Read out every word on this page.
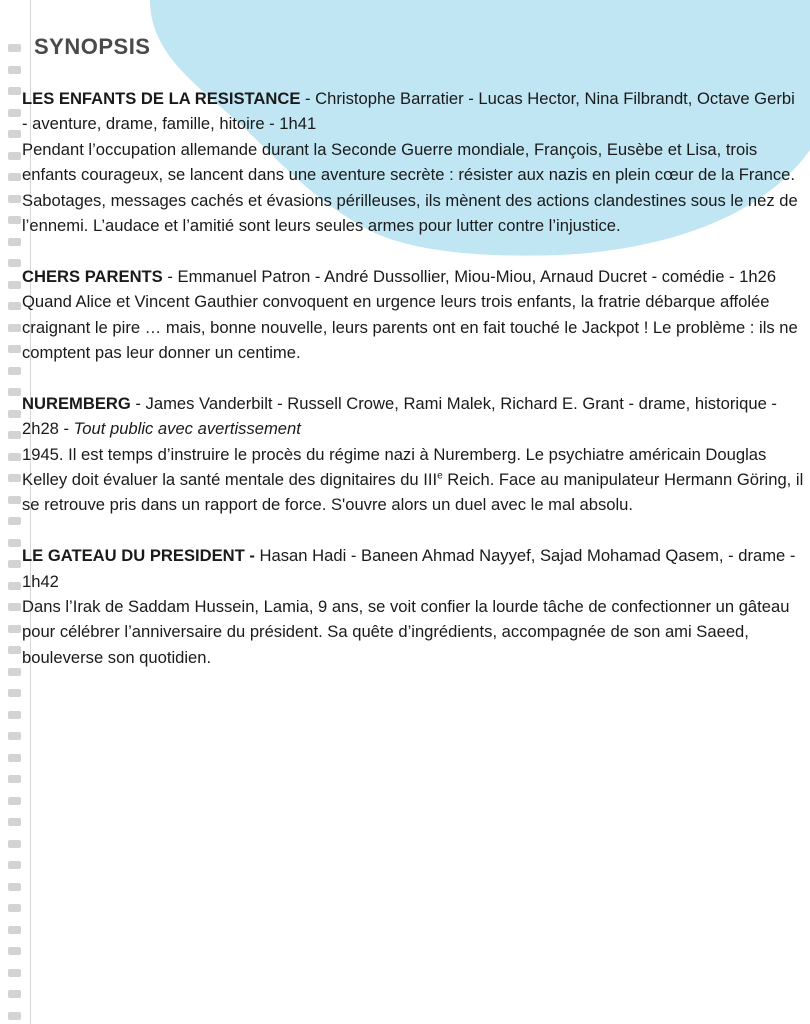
SYNOPSIS

LES ENFANTS DE LA RESISTANCE - Christophe Barratier - Lucas Hector, Nina Filbrandt, Octave Gerbi - aventure, drame, famille, hitoire - 1h41

Pendant l’occupation allemande durant la Seconde Guerre mondiale, François, Eusèbe et Lisa, trois enfants courageux, se lancent dans une aventure secrète : résister aux nazis en plein cœur de la France. Sabotages, messages cachés et évasions périlleuses, ils mènent des actions clandestines sous le nez de l’ennemi. L’audace et l’amitié sont leurs seules armes pour lutter contre l’injustice.

CHERS PARENTS - Emmanuel Patron - André Dussollier, Miou-Miou, Arnaud Ducret - comédie - 1h26

Quand Alice et Vincent Gauthier convoquent en urgence leurs trois enfants, la fratrie débarque affolée craignant le pire … mais, bonne nouvelle, leurs parents ont en fait touché le Jackpot ! Le problème : ils ne comptent pas leur donner un centime.

NUREMBERG - James Vanderbilt - Russell Crowe, Rami Malek, Richard E. Grant - drame, historique - 2h28 - Tout public avec avertissement

1945. Il est temps d’instruire le procès du régime nazi à Nuremberg. Le psychiatre américain Douglas Kelley doit évaluer la santé mentale des dignitaires du IIIe Reich. Face au manipulateur Hermann Göring, il se retrouve pris dans un rapport de force. S'ouvre alors un duel avec le mal absolu.

LE GATEAU DU PRESIDENT - Hasan Hadi - Baneen Ahmad Nayyef, Sajad Mohamad Qasem, - drame - 1h42

Dans l’Irak de Saddam Hussein, Lamia, 9 ans, se voit confier la lourde tâche de confectionner un gâteau pour célébrer l’anniversaire du président. Sa quête d’ingrédients, accompagnée de son ami Saeed, bouleverse son quotidien.
